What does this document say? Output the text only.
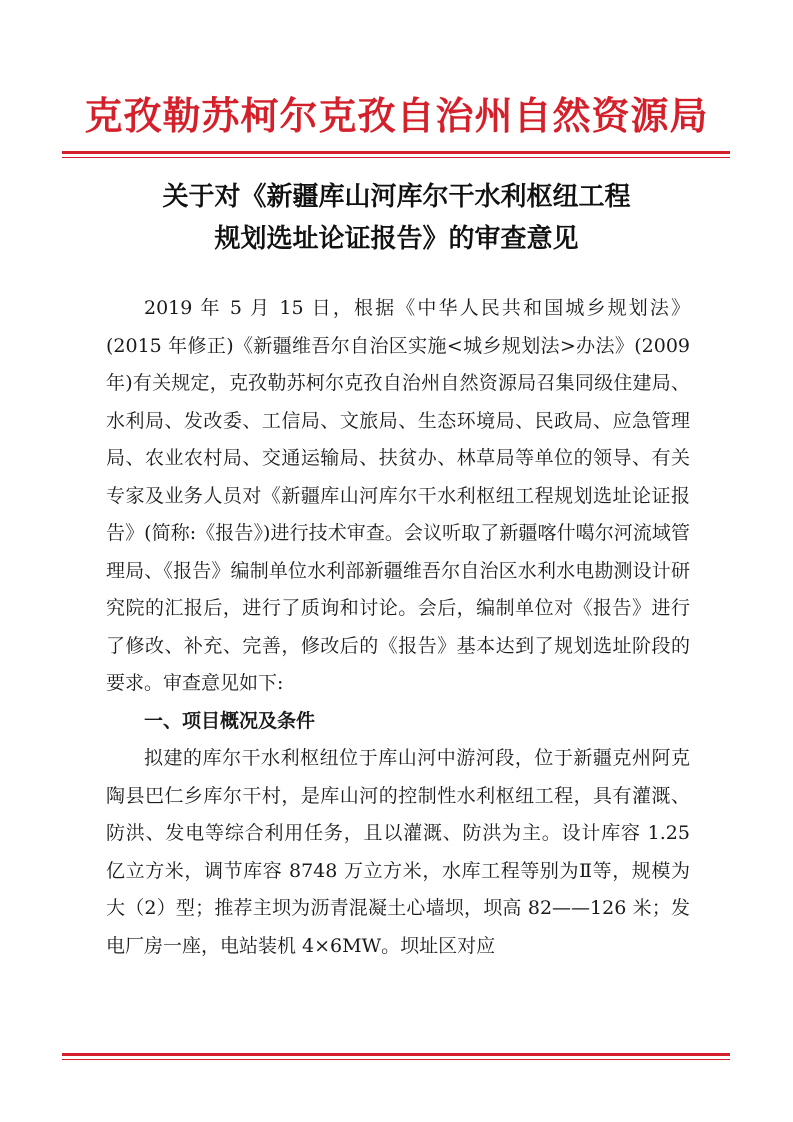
克孜勒苏柯尔克孜自治州自然资源局
关于对《新疆库山河库尔干水利枢纽工程
规划选址论证报告》的审查意见

2019 年 5 月 15 日，根据《中华人民共和国城乡规划法》(2015 年修正)《新疆维吾尔自治区实施<城乡规划法>办法》(2009 年)有关规定，克孜勒苏柯尔克孜自治州自然资源局召集同级住建局、水利局、发改委、工信局、文旅局、生态环境局、民政局、应急管理局、农业农村局、交通运输局、扶贫办、林草局等单位的领导、有关专家及业务人员对《新疆库山河库尔干水利枢纽工程规划选址论证报告》(简称:《报告》)进行技术审查。会议听取了新疆喀什噶尔河流域管理局、《报告》编制单位水利部新疆维吾尔自治区水利水电勘测设计研究院的汇报后，进行了质询和讨论。会后，编制单位对《报告》进行了修改、补充、完善，修改后的《报告》基本达到了规划选址阶段的要求。审查意见如下:

一、项目概况及条件

拟建的库尔干水利枢纽位于库山河中游河段，位于新疆克州阿克陶县巴仁乡库尔干村，是库山河的控制性水利枢纽工程，具有灌溉、防洪、发电等综合利用任务，且以灌溉、防洪为主。设计库容 1.25 亿立方米，调节库容 8748 万立方米，水库工程等别为Ⅱ等，规模为大（2）型；推荐主坝为沥青混凝土心墙坝，坝高 82——126 米；发电厂房一座，电站装机 4×6MW。坝址区对应
